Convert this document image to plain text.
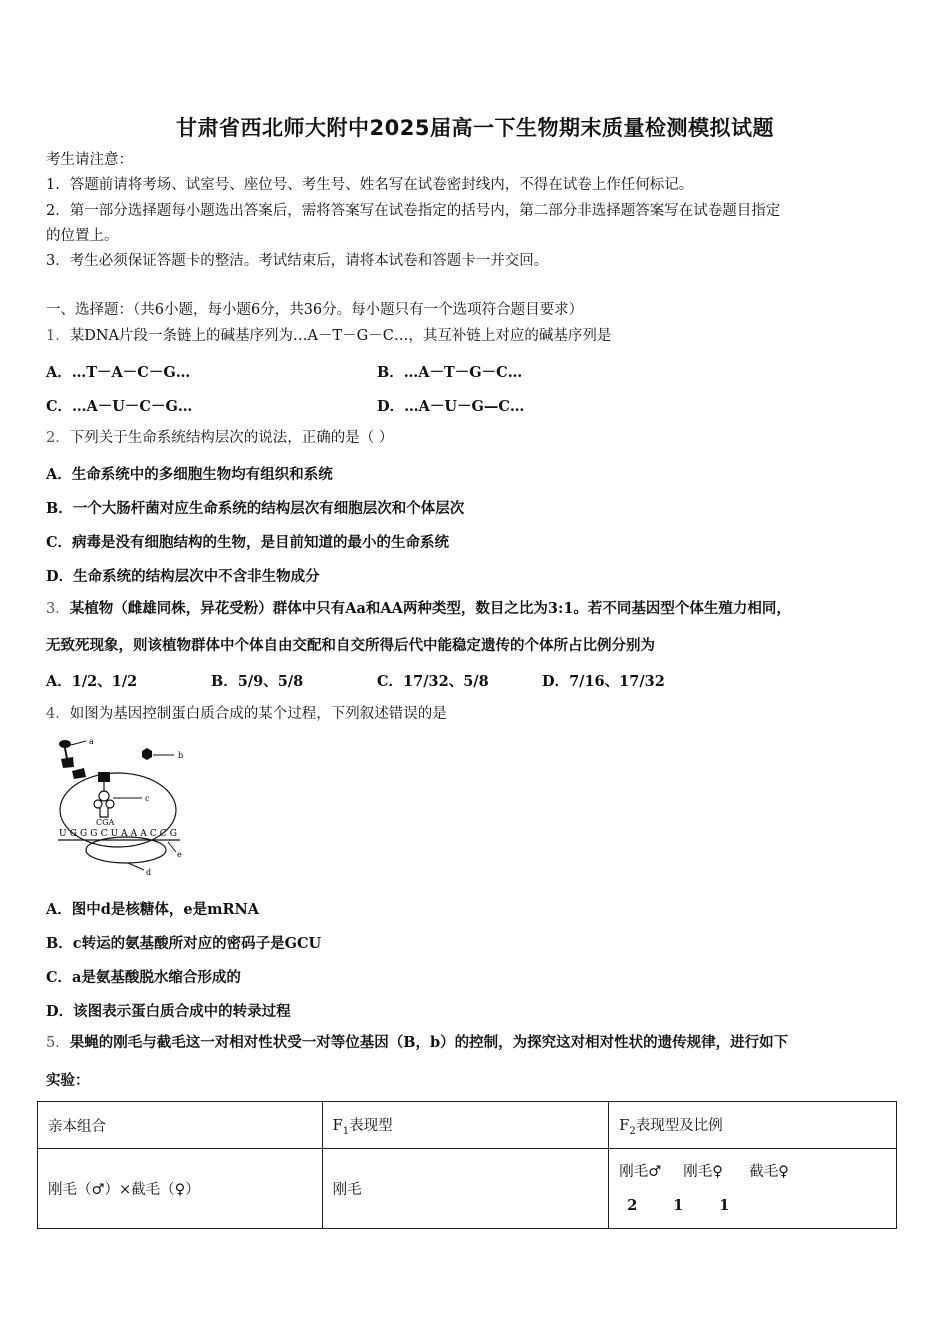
甘肃省西北师大附中2025届高一下生物期末质量检测模拟试题
考生请注意：
1．答题前请将考场、试室号、座位号、考生号、姓名写在试卷密封线内，不得在试卷上作任何标记。
2．第一部分选择题每小题选出答案后，需将答案写在试卷指定的括号内，第二部分非选择题答案写在试卷题目指定
的位置上。
3．考生必须保证答题卡的整洁。考试结束后，请将本试卷和答题卡一并交回。
一、选择题：（共6小题，每小题6分，共36分。每小题只有一个选项符合题目要求）
1．某DNA片段一条链上的碱基序列为…A－T－G－C…，其互补链上对应的碱基序列是
A．…T－A－C－G…	B．…A－T－G－C…
C．…A－U－C－G…	D．…A－U－G—C…
2．下列关于生命系统结构层次的说法，正确的是（ ）
A．生命系统中的多细胞生物均有组织和系统
B．一个大肠杆菌对应生命系统的结构层次有细胞层次和个体层次
C．病毒是没有细胞结构的生物，是目前知道的最小的生命系统
D．生命系统的结构层次中不含非生物成分
3．某植物（雌雄同株，异花受粉）群体中只有Aa和AA两种类型，数目之比为3:1。若不同基因型个体生殖力相同，
无致死现象，则该植物群体中个体自由交配和自交所得后代中能稳定遗传的个体所占比例分别为
A．1/2、1/2	B．5/9、5/8	C．17/32、5/8	D．7/16、17/32
4．如图为基因控制蛋白质合成的某个过程，下列叙述错误的是
a
b
c
CGA
UGGGCUAAACCG
e
d
A．图中d是核糖体，e是mRNA
B．c转运的氨基酸所对应的密码子是GCU
C．a是氨基酸脱水缩合形成的
D．该图表示蛋白质合成中的转录过程
5．果蝇的刚毛与截毛这一对相对性状受一对等位基因（B，b）的控制，为探究这对相对性状的遗传规律，进行如下
实验：
亲本组合	$F_1$表现型	$F_2$表现型及比例
刚毛（♂）×截毛（♀）	刚毛	刚毛♂ 刚毛♀ 截毛♀
2 1 1
